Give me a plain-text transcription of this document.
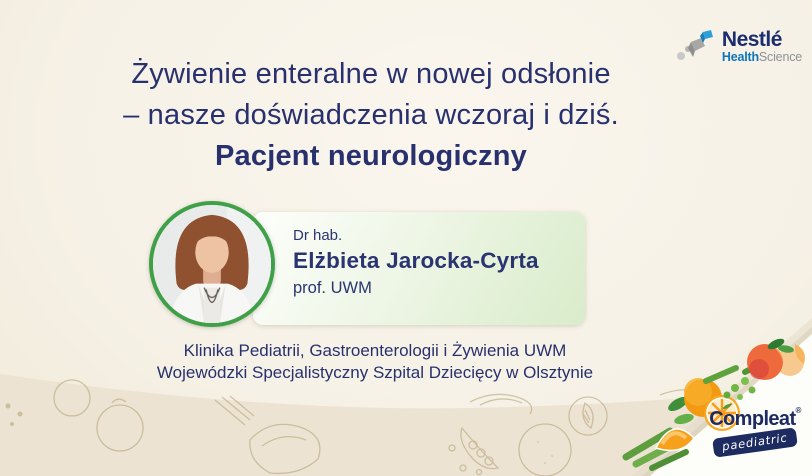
Nestlé
HealthScience
Żywienie enteralne w nowej odsłonie
– nasze doświadczenia wczoraj i dziś.
Pacjent neurologiczny
Dr hab.
Elżbieta Jarocka-Cyrta
prof. UWM
Klinika Pediatrii, Gastroenterologii i Żywienia UWM
Wojewódzki Specjalistyczny Szpital Dziecięcy w Olsztynie
Compleat®

paediatric
